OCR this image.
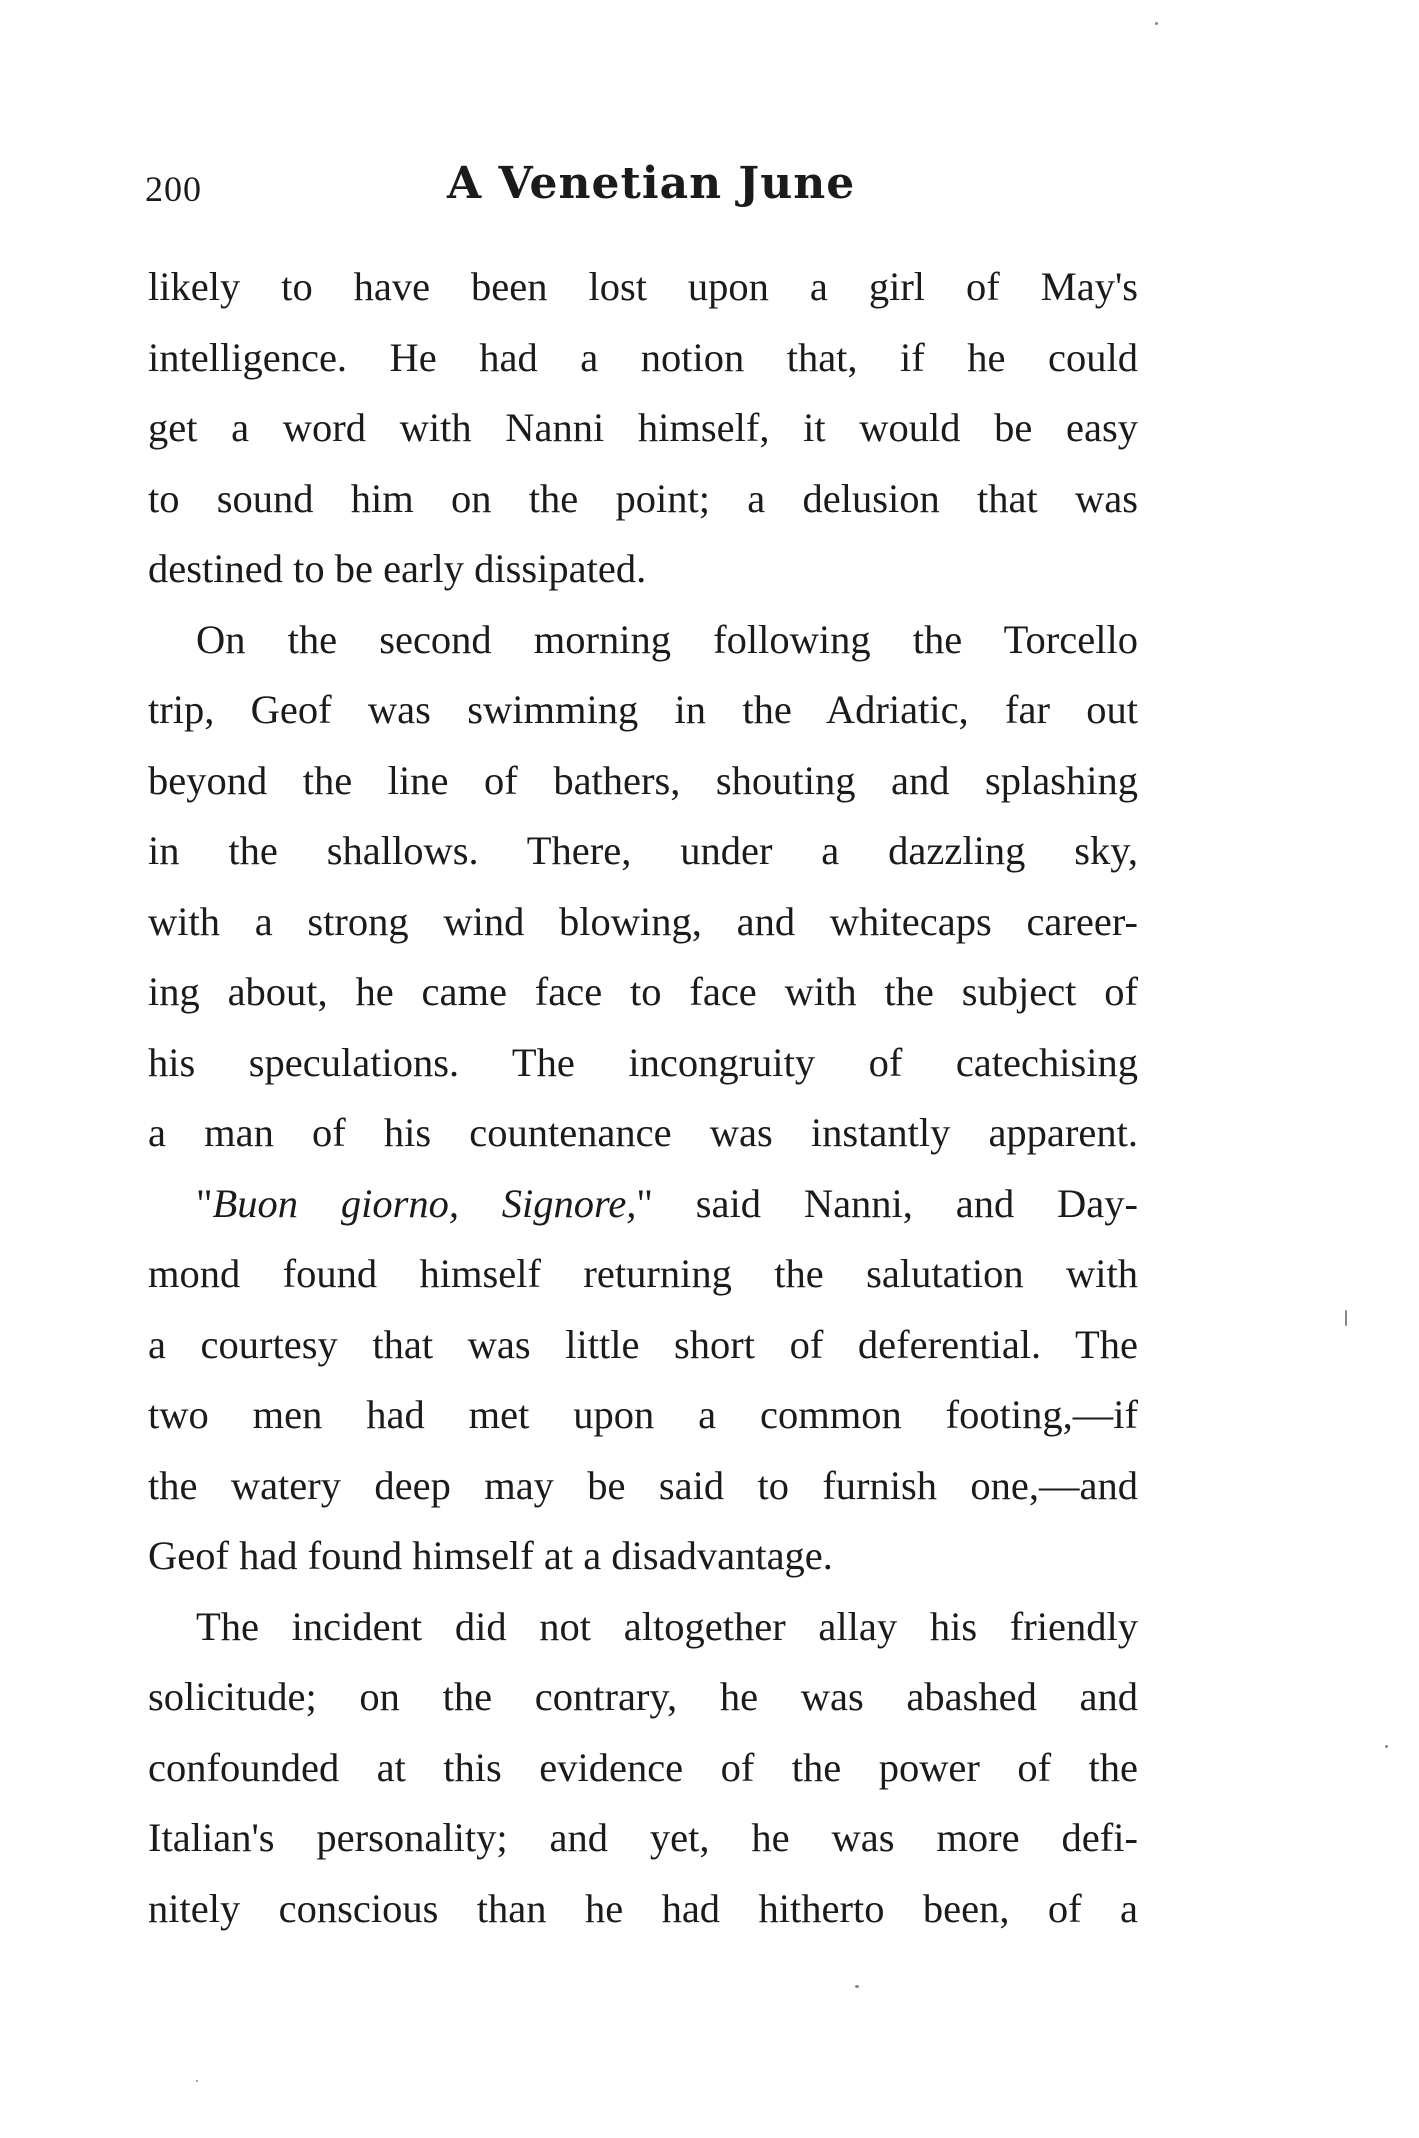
200	A Venetian June
likely to have been lost upon a girl of May's
intelligence. He had a notion that, if he could
get a word with Nanni himself, it would be easy
to sound him on the point; a delusion that was
destined to be early dissipated.
On the second morning following the Torcello
trip, Geof was swimming in the Adriatic, far out
beyond the line of bathers, shouting and splashing
in the shallows. There, under a dazzling sky,
with a strong wind blowing, and whitecaps career-
ing about, he came face to face with the subject of
his speculations. The incongruity of catechising
a man of his countenance was instantly apparent.
"Buon giorno, Signore," said Nanni, and Day-
mond found himself returning the salutation with
a courtesy that was little short of deferential. The
two men had met upon a common footing,—if
the watery deep may be said to furnish one,—and
Geof had found himself at a disadvantage.
The incident did not altogether allay his friendly
solicitude; on the contrary, he was abashed and
confounded at this evidence of the power of the
Italian's personality; and yet, he was more defi-
nitely conscious than he had hitherto been, of a
